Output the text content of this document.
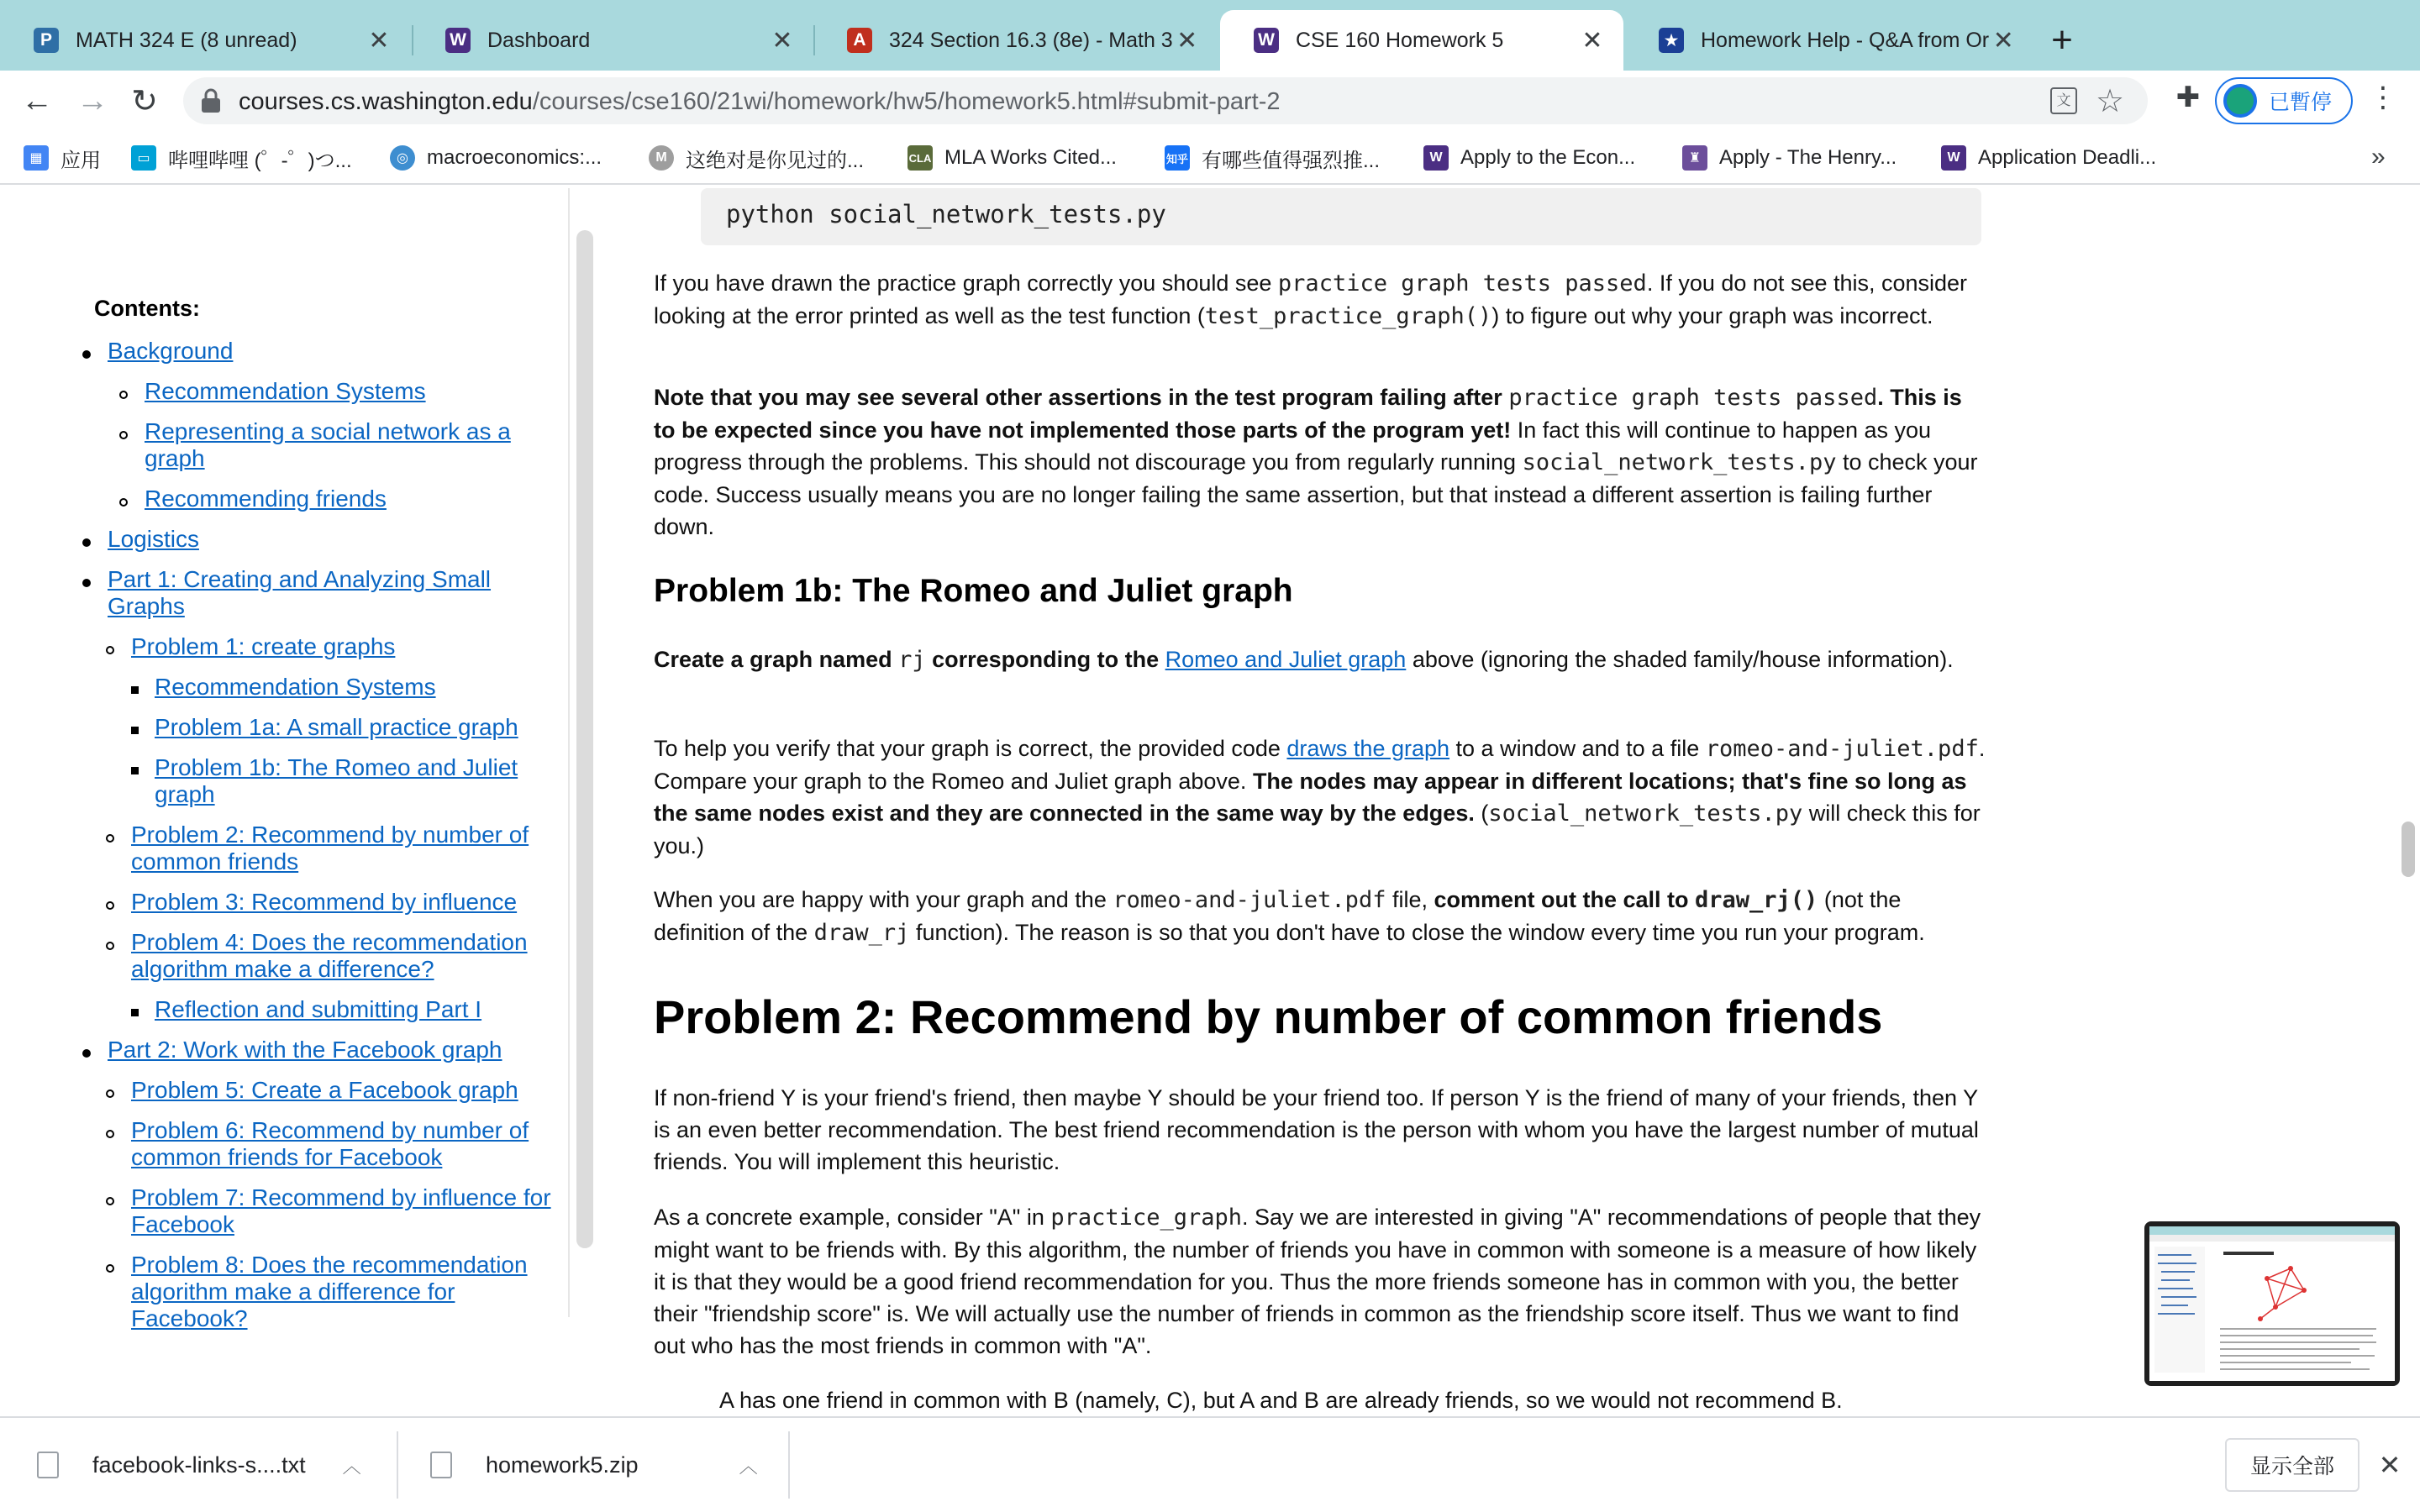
P	MATH 324 E (8 unread)	✕	W Dashboard	✕	A 324 Section 16.3 (8e) - Math 3 ✕	W CSE 160 Homework 5	✕	★ Homework Help - Q&A from Or ✕ +
← → ↻	courses.cs.washington.edu/courses/cse160/21wi/homework/hw5/homework5.html#submit-part-2	文 ☆ ✚	已暫停 ⋮
▦ 应用	▭ 哔哩哔哩 (゜-゜)つ...	◎ macroeconomics:...	M 这绝对是你见过的...	CLA MLA Works Cited...	知乎 有哪些值得强烈推...	W Apply to the Econ...	♜ Apply - The Henry...	W Application Deadli...	»
Contents:
Background
Recommendation Systems
Representing a social network as a
graph
Recommending friends
Logistics
Part 1: Creating and Analyzing Small
Graphs
Problem 1: create graphs
Recommendation Systems
Problem 1a: A small practice graph
Problem 1b: The Romeo and Juliet
graph
Problem 2: Recommend by number of
common friends
Problem 3: Recommend by influence
Problem 4: Does the recommendation
algorithm make a difference?
Reflection and submitting Part I
Part 2: Work with the Facebook graph
Problem 5: Create a Facebook graph
Problem 6: Recommend by number of
common friends for Facebook
Problem 7: Recommend by influence for
Facebook
Problem 8: Does the recommendation
algorithm make a difference for
Facebook?
python social_network_tests.py

If you have drawn the practice graph correctly you should see practice graph tests passed. If you do not see this, consider looking at the error printed as well as the test function (test_practice_graph()) to figure out why your graph was incorrect.

Note that you may see several other assertions in the test program failing after practice graph tests passed. This is to be expected since you have not implemented those parts of the program yet! In fact this will continue to happen as you progress through the problems. This should not discourage you from regularly running social_network_tests.py to check your code. Success usually means you are no longer failing the same assertion, but that instead a different assertion is failing further down.

Problem 1b: The Romeo and Juliet graph

Create a graph named rj corresponding to the Romeo and Juliet graph above (ignoring the shaded family/house information).

To help you verify that your graph is correct, the provided code draws the graph to a window and to a file romeo-and-juliet.pdf. Compare your graph to the Romeo and Juliet graph above. The nodes may appear in different locations; that's fine so long as the same nodes exist and they are connected in the same way by the edges. (social_network_tests.py will check this for you.)

When you are happy with your graph and the romeo-and-juliet.pdf file, comment out the call to draw_rj() (not the definition of the draw_rj function). The reason is so that you don't have to close the window every time you run your program.

Problem 2: Recommend by number of common friends

If non-friend Y is your friend's friend, then maybe Y should be your friend too. If person Y is the friend of many of your friends, then Y is an even better recommendation. The best friend recommendation is the person with whom you have the largest number of mutual friends. You will implement this heuristic.

As a concrete example, consider "A" in practice_graph. Say we are interested in giving "A" recommendations of people that they might want to be friends with. By this algorithm, the number of friends you have in common with someone is a measure of how likely it is that they would be a good friend recommendation for you. Thus the more friends someone has in common with you, the better their "friendship score" is. We will actually use the number of friends in common as the friendship score itself. Thus we want to find out who has the most friends in common with "A".

A has one friend in common with B (namely, C), but A and B are already friends, so we would not recommend B.

facebook-links-s....txt ︿	homework5.zip	︿	显示全部	✕
